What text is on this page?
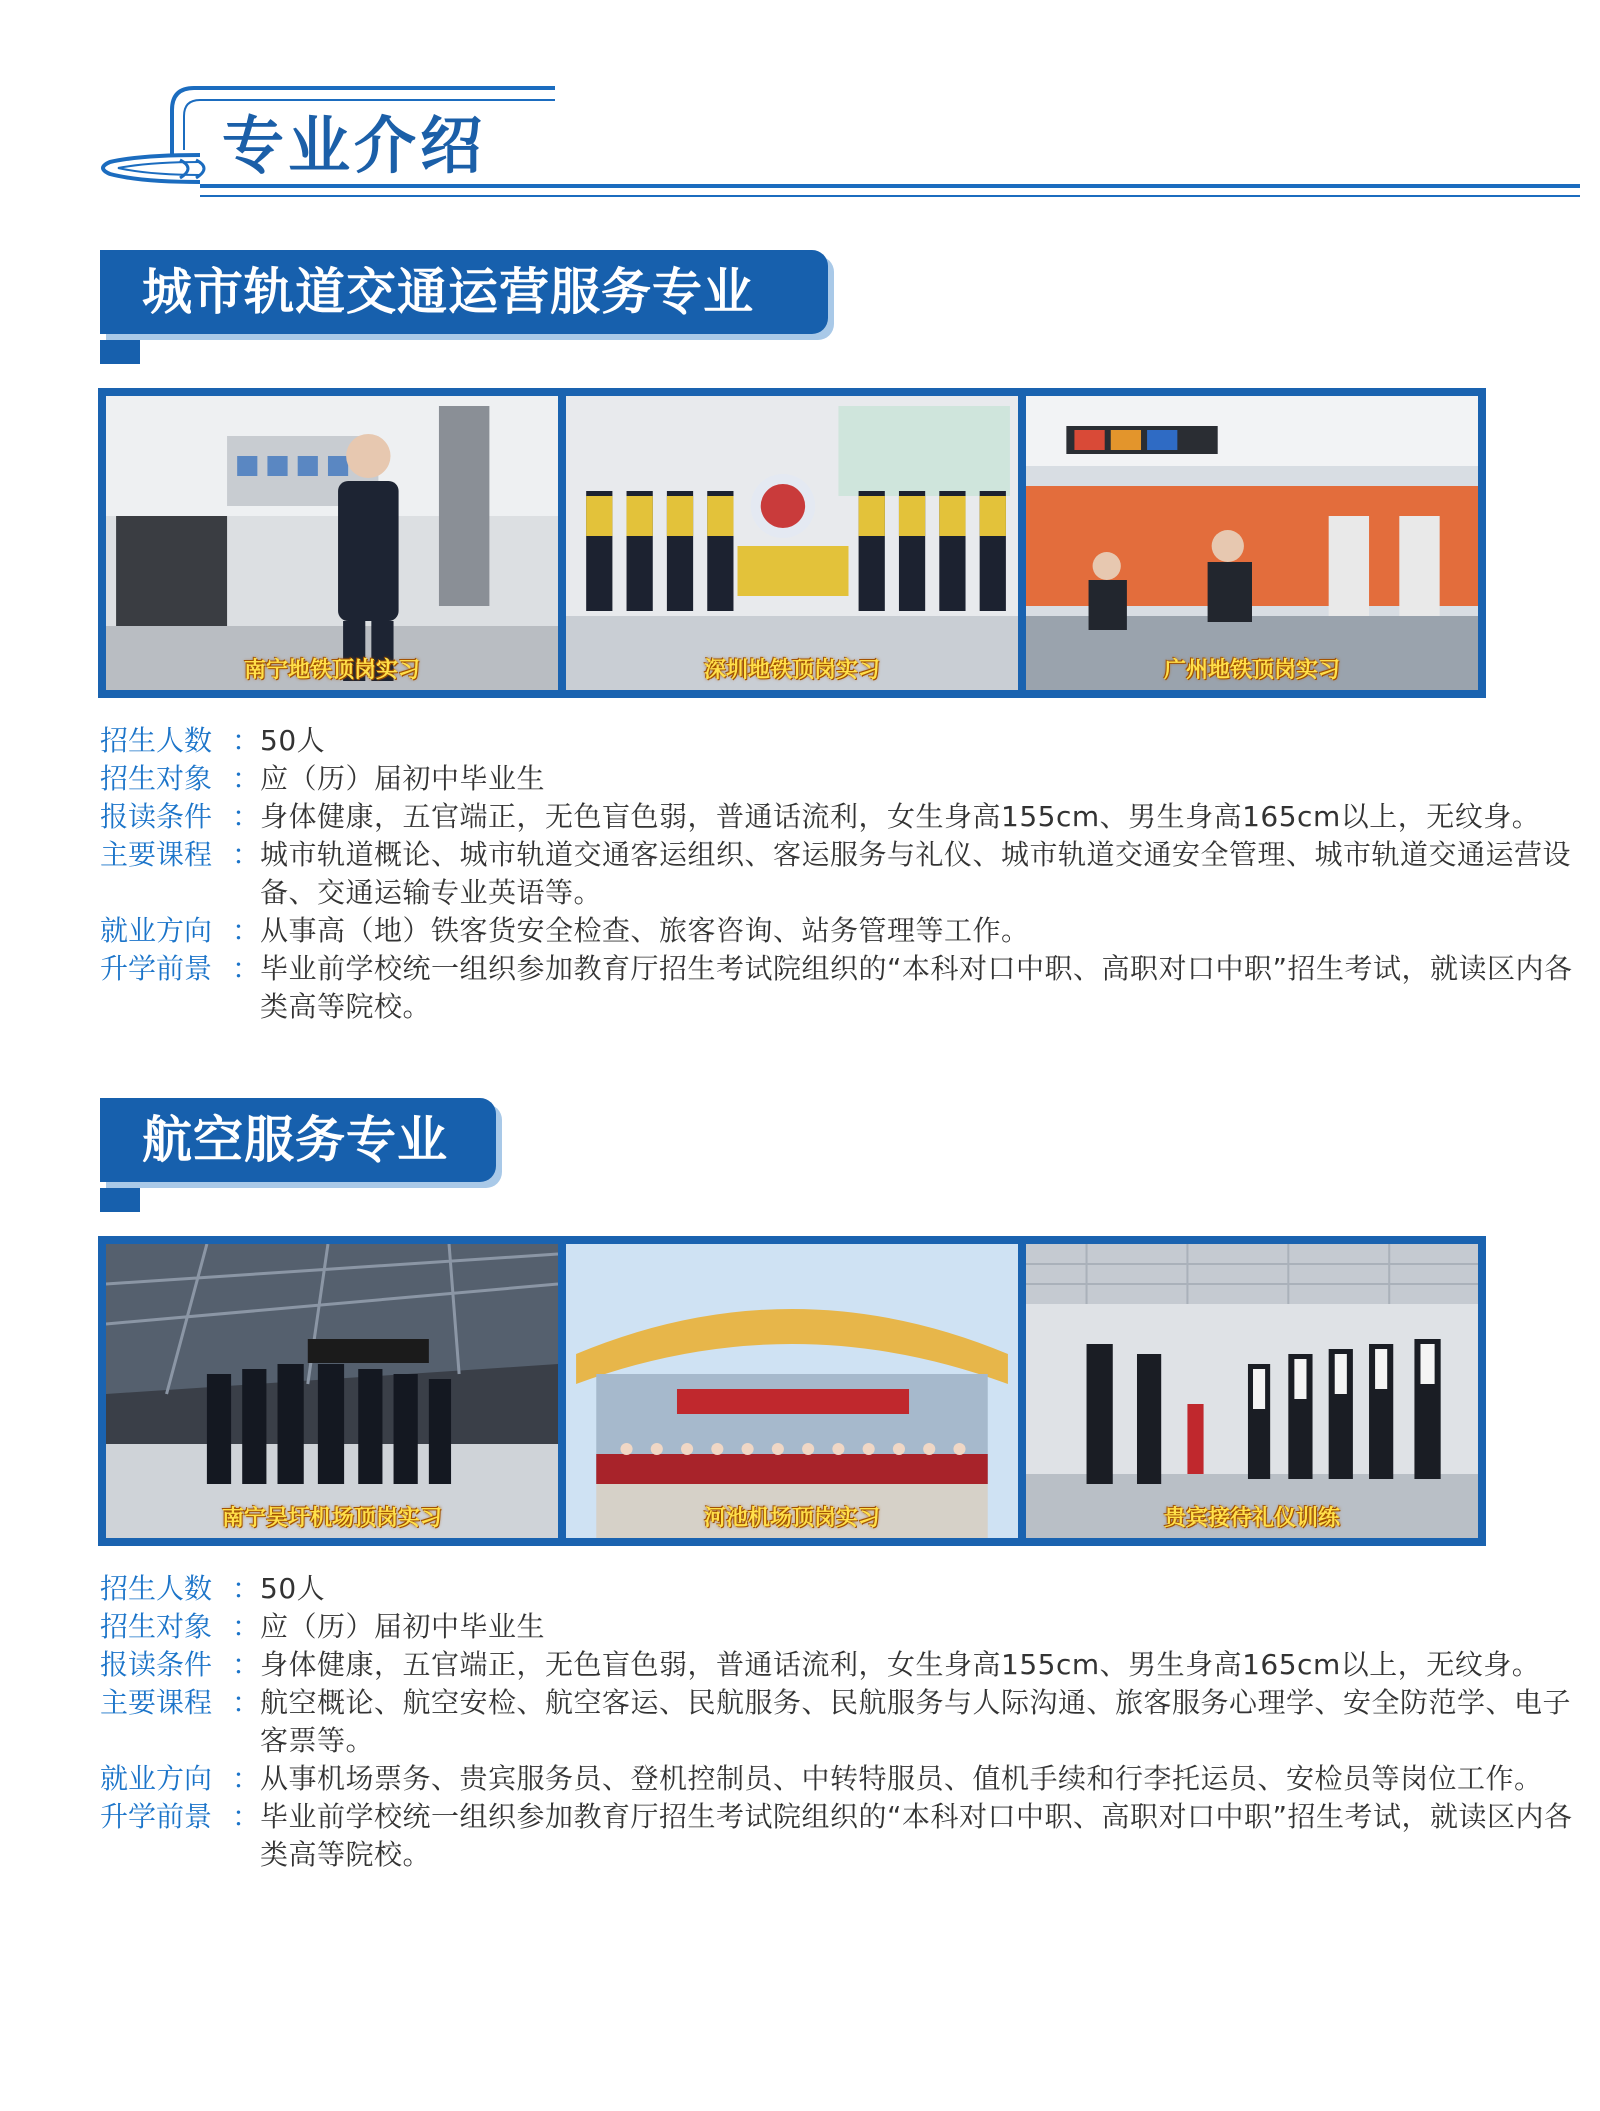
专业介绍
城市轨道交通运营服务专业
南宁地铁顶岗实习	深圳地铁顶岗实习	广州地铁顶岗实习
招生人数 ： 50人
招生对象 ： 应（历）届初中毕业生
报读条件 ： 身体健康，五官端正，无色盲色弱，普通话流利，女生身高155cm、男生身高165cm以上，无纹身。
主要课程 ： 城市轨道概论、城市轨道交通客运组织、客运服务与礼仪、城市轨道交通安全管理、城市轨道交通运营设备、交通运输专业英语等。
就业方向 ： 从事高（地）铁客货安全检查、旅客咨询、站务管理等工作。
升学前景 ： 毕业前学校统一组织参加教育厅招生考试院组织的“本科对口中职、高职对口中职”招生考试，就读区内各类高等院校。
航空服务专业
南宁吴圩机场顶岗实习	河池机场顶岗实习	贵宾接待礼仪训练
招生人数 ： 50人
招生对象 ： 应（历）届初中毕业生
报读条件 ： 身体健康，五官端正，无色盲色弱，普通话流利，女生身高155cm、男生身高165cm以上，无纹身。
主要课程 ： 航空概论、航空安检、航空客运、民航服务、民航服务与人际沟通、旅客服务心理学、安全防范学、电子客票等。
就业方向 ： 从事机场票务、贵宾服务员、登机控制员、中转特服员、值机手续和行李托运员、安检员等岗位工作。
升学前景 ： 毕业前学校统一组织参加教育厅招生考试院组织的“本科对口中职、高职对口中职”招生考试，就读区内各类高等院校。
